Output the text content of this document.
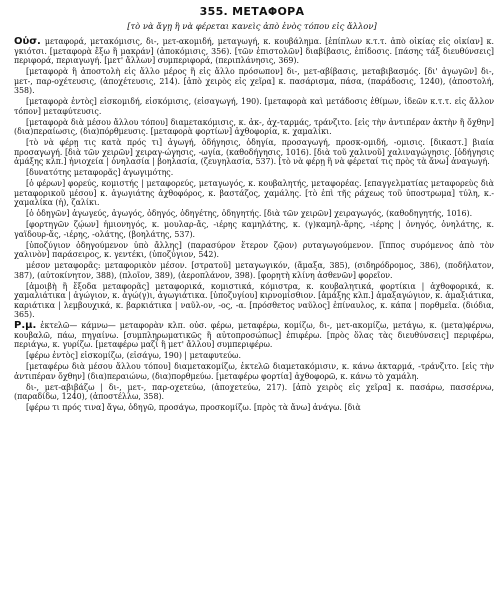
355. ΜΕΤΑΦΟΡΑ
[τὸ νὰ ἄγῃ ἢ νὰ φέρεται κανεὶς ἀπὸ ἑνὸς τόπου εἰς ἄλλον]

Οὐσ. μεταφορά, μετακόμισις, δι-, μετ-ακομιδή, μεταγωγή, κ. κουβάλημα. [ἐπίπλων κ.τ.τ. ἀπὸ οἰκίας εἰς οἰκίαν] κ. γκιότσι. [μεταφορὰ ἔξω ἢ μακράν] (ἀποκόμισις, 356). [τῶν ἐπιστολῶν] διαβίβασις, ἐπίδοσις. [πάσης τάξ διευθύνσεις] περιφορά, περιαγωγή. [μετ' ἄλλων] συμπεριφορά, (περιπλάνησις, 369).

[μεταφορὰ ἢ ἀποστολὴ εἰς ἄλλο μέρος ἢ εἰς ἄλλο πρόσωπον] δι-, μετ-αβίβασις, μεταβιβασμός. [δι' ἀγωγῶν] δι-, μετ-, παρ-οχέτευσις, (ἀποχέτευσις, 214). [ἀπὸ χειρὸς εἰς χεῖρα] κ. πασάρισμα, πάσα, (παράδοσις, 1240), (ἀποστολή, 358).

[μεταφορὰ ἐντὸς] εἰσκομιδή, εἰσκόμισις, (εἰσαγωγή, 190). [μεταφορὰ καὶ μετάδοσις ἐθίμων, ἰδεῶν κ.τ.τ. εἰς ἄλλον τόπον] μεταφύτευσις.

[μεταφορὰ διὰ μέσου ἄλλου τόπου] διαμετακόμισις, κ. ἀκ-, ἀχ-ταρμάς, τράνζιτο. [εἰς τὴν ἀντιπέραν ἀκτὴν ἢ ὄχθην] (δια)περαίωσις, (δια)πόρθμευσις. [μεταφορὰ φορτίων] ἀχθοφορία, κ. χαμαλίκι.

[τὸ νὰ φέρῃ τις κατὰ πρός τι] ἀγωγή, ὁδήγησις, ὁδηγία, προσαγωγή, προσκ-ομιδή, -ομισις. [δικαστ.] βιαία προσαγωγή. [διὰ τῶν χειρῶν] χειραγ-ώγησις, -ωγία, (καθοδήγησις, 1016). [διὰ τοῦ χαλινοῦ] χαλιναγώγησις. [ὁδήγησις ἁμάξης κλπ.] ἡνιοχεία | ὀνηλασία | βοηλασία, (ζευγηλασία, 537). [τὸ νὰ φέρῃ ἢ νὰ φέρεταί τις πρὸς τὰ ἄνω] ἀναγωγή.

[δυνατότης μεταφορᾶς] ἀγωγιμότης.

[ὁ φέρων] φορεύς, κομιστής | μεταφορεύς, μεταγωγός, κ. κουβαλητής, μεταφορέας. [επαγγελματίας μεταφορεὺς διὰ μεταφορικοῦ μέσου] κ. ἀγωγιάτης ἀχθοφόρος, κ. βαστάζος, χαμάλης. [τὸ ἐπὶ τῆς ράχεως τοῦ ὑποστρωμα] τύλη, κ.-χαμαλίκα (ἡ), ζαλίκι.

[ὁ ὁδηγῶν] ἀγωγεύς, ἀγωγός, ὁδηγός, ὁδηγέτης, ὁδηγητής. [διὰ τῶν χειρῶν] χειραγωγός, (καθοδηγητής, 1016).

[φορτηγῶν ζῴων] ἡμιονηγός, κ. μουλαρ-ἄς, -ιέρης καμηλάτης, κ. (γ)καμηλ-ἄρης, -ιέρης | ὀνηγός, ὀνηλάτης, κ. γαϊδουρ-ἄς, -ιέρης, -ολάτης, (βοηλάτης, 537).

[ὑποζύγιον ὁδηγούμενον ὑπὸ ἄλλης] (παρασύρον ἕτερον ζῷον) ρυταγωγούμενον. [ἵππος συρόμενος ἀπὸ τὸν χαλινὸν] παράσειρος, κ. γεντέκι, (ὑποζύγιον, 542).

μέσον μεταφορᾶς: μεταφορικὸν μέσον. [στρατοῦ] μεταγωγικόν, (ἅμαξα, 385), (σιδηρόδρομος, 386), (ποδήλατον, 387), (αὐτοκίνητον, 388), (πλοῖον, 389), (ἀεροπλάνον, 398). [φορητὴ κλίνη ἀσθενῶν] φορεῖον.

[ἀμοιβὴ ἢ ἔξοδα μεταφορᾶς] μεταφορικά, κομιστικά, κόμιστρα, κ. κουβαλητικά, φορτίκια | ἀχθοφορικά, κ. χαμαλιάτικα | ἀγώγιον, κ. ἀγώ(γ)ι, ἀγωγιάτικα. [ὑποζυγίου] κιρνομίσθιον. [ἁμάξης κλπ.] ἁμαξαγώγιον, κ. ἁμαξιάτικα, καριάτικα | λεμβουχικά, κ. βαρκιάτικα | ναῦλ-ον, -ος, -α. [πρόσθετος ναῦλος] ἐπίναυλος, κ. κάπα | πορθμεῖα. (διόδια, 365).

Ρ.μ. ἐκτελῶ— κάμνω— μεταφορὰν κλπ. οὐσ. φέρω, μεταφέρω, κομίζω, δι-, μετ-ακομίζω, μετάγω, κ. (μετα)φέρνω, κουβαλῶ, πάω, πηγαίνω. [συμπληρωματικῶς ἢ αὐτοπροσώπως] ἐπιφέρω. [πρὸς ὅλας τὰς διευθύνσεις] περιφέρω, περιάγω, κ. γυρίζω. [μεταφέρω μαζί ἢ μετ' ἄλλου] συμπεριφέρω.

[φέρω ἐντὸς] εἰσκομίζω, (εἰσάγω, 190) | μεταφυτεύω.

[μεταφέρω διὰ μέσου ἄλλου τόπου] διαμετακομίζω, ἐκτελῶ διαμετακόμισιν, κ. κάνω ἀκταρμά, -τράνζιτο. [εἰς τὴν ἀντιπέραν ὄχθην] (δια)περαιώνω, (δια)πορθμεύω. [μεταφέρω φορτία] ἀχθοφορῶ, κ. κάνω τὸ χαμάλη.

δι-, μετ-αβιβάζω | δι-, μετ-, παρ-οχετεύω, (ἀποχετεύω, 217). [ἀπὸ χειρὸς εἰς χεῖρα] κ. πασάρω, πασσέρνω, (παραδίδω, 1240), (ἀποστέλλω, 358).

[φέρω τι πρός τινα] ἄγω, ὁδηγῶ, προσάγω, προσκομίζω. [πρὸς τὰ ἄνω] ἀνάγω. [διὰ
